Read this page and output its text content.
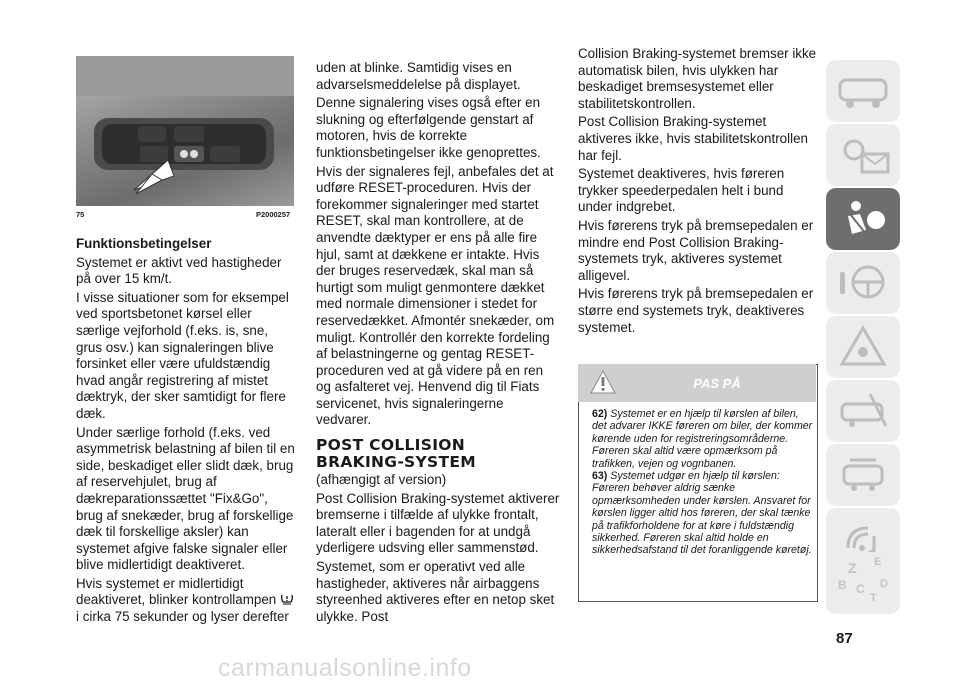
75	P2000257

Funktionsbetingelser

Systemet er aktivt ved hastigheder på over 15 km/t.

I visse situationer som for eksempel ved sportsbetonet kørsel eller særlige vejforhold (f.eks. is, sne, grus osv.) kan signaleringen blive forsinket eller være ufuldstændig hvad angår registrering af mistet dæktryk, der sker samtidigt for flere dæk.

Under særlige forhold (f.eks. ved asymmetrisk belastning af bilen til en side, beskadiget eller slidt dæk, brug af reservehjulet, brug af dækreparationssættet "Fix&Go", brug af snekæder, brug af forskellige dæk til forskellige aksler) kan systemet afgive falske signaler eller blive midlertidigt deaktiveret.

Hvis systemet er midlertidigt deaktiveret, blinker kontrollampen

i cirka 75 sekunder og lyser derefter

uden at blinke. Samtidig vises en advarselsmeddelelse på displayet.

Denne signalering vises også efter en slukning og efterfølgende genstart af motoren, hvis de korrekte funktionsbetingelser ikke genoprettes.

Hvis der signaleres fejl, anbefales det at udføre RESET-proceduren. Hvis der forekommer signaleringer med startet RESET, skal man kontrollere, at de anvendte dæktyper er ens på alle fire hjul, samt at dækkene er intakte. Hvis der bruges reservedæk, skal man så hurtigt som muligt genmontere dækket med normale dimensioner i stedet for reservedækket. Afmontér snekæder, om muligt. Kontrollér den korrekte fordeling af belastningerne og gentag RESET-proceduren ved at gå videre på en ren og asfalteret vej. Henvend dig til Fiats servicenet, hvis signaleringerne vedvarer.

POST COLLISION
BRAKING-SYSTEM

(afhængigt af version)

Post Collision Braking-systemet aktiverer bremserne i tilfælde af ulykke frontalt, lateralt eller i bagenden for at undgå yderligere udsving eller sammenstød.

Systemet, som er operativt ved alle hastigheder, aktiveres når airbaggens styreenhed aktiveres efter en netop sket ulykke. Post

Collision Braking-systemet bremser ikke automatisk bilen, hvis ulykken har beskadiget bremsesystemet eller stabilitetskontrollen.

Post Collision Braking-systemet aktiveres ikke, hvis stabilitetskontrollen har fejl.

Systemet deaktiveres, hvis føreren trykker speederpedalen helt i bund under indgrebet.

Hvis førerens tryk på bremsepedalen er mindre end Post Collision Braking-systemets tryk, aktiveres systemet alligevel.

Hvis førerens tryk på bremsepedalen er større end systemets tryk, deaktiveres systemet.

PAS PÅ

62) Systemet er en hjælp til kørslen af bilen, det advarer IKKE føreren om biler, der kommer kørende uden for registreringsområderne. Føreren skal altid være opmærksom på trafikken, vejen og vognbanen.

63) Systemet udgør en hjælp til kørslen: Føreren behøver aldrig sænke opmærksomheden under kørslen. Ansvaret for kørslen ligger altid hos føreren, der skal tænke på trafikforholdene for at køre i fuldstændig sikkerhed. Føreren skal altid holde en sikkerhedsafstand til det foranliggende køretøj.

Z E
B C
T
D
87
carmanualsonline.info
